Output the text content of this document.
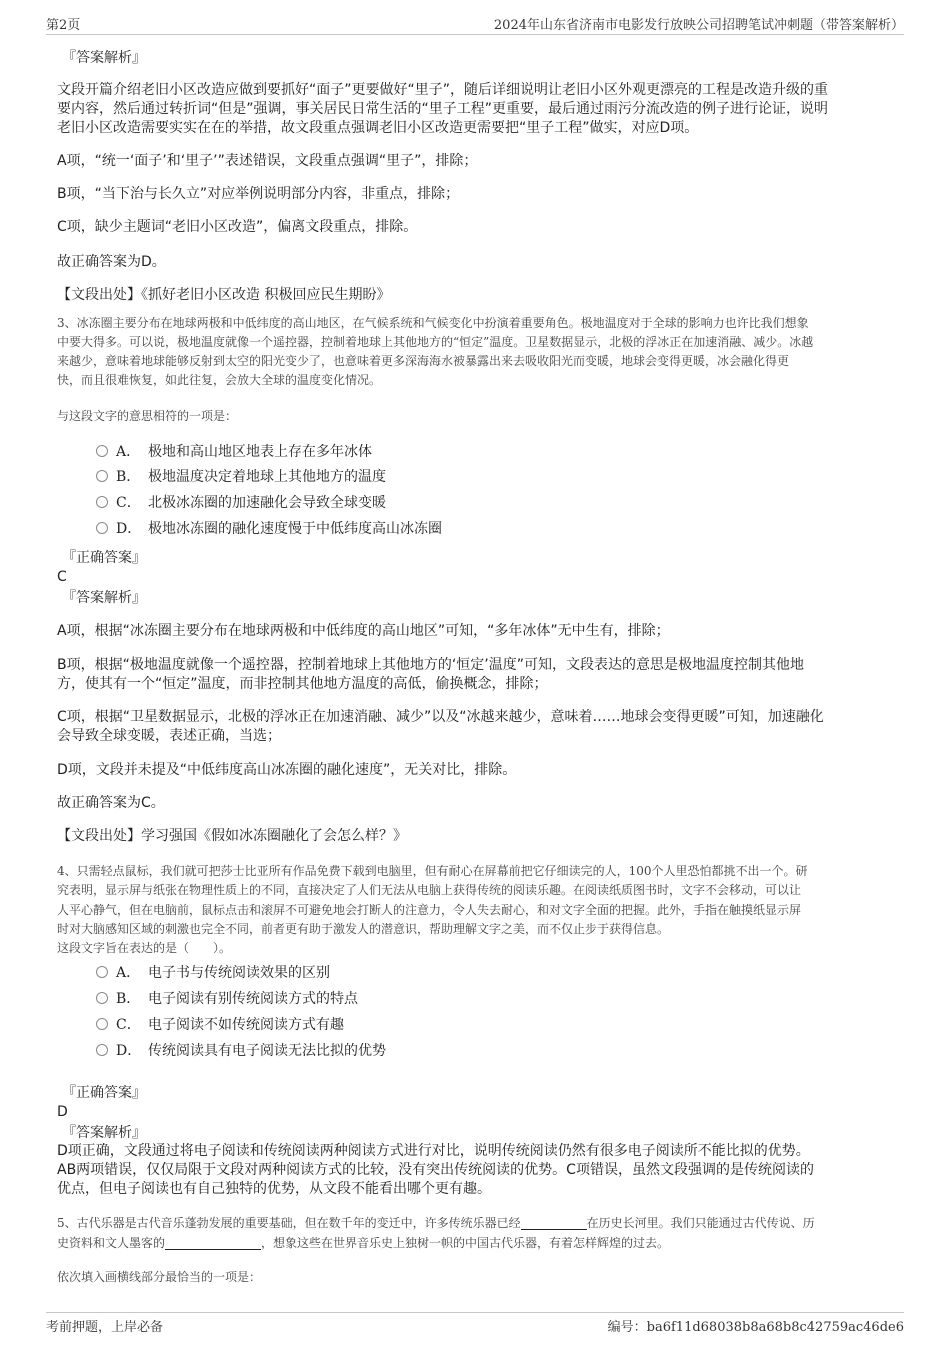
第2页	2024年山东省济南市电影发行放映公司招聘笔试冲刺题（带答案解析）
『答案解析』
文段开篇介绍老旧小区改造应做到要抓好“面子”更要做好“里子”，随后详细说明让老旧小区外观更漂亮的工程是改造升级的重
要内容，然后通过转折词“但是”强调，事关居民日常生活的“里子工程”更重要，最后通过雨污分流改造的例子进行论证，说明
老旧小区改造需要实实在在的举措，故文段重点强调老旧小区改造更需要把“里子工程”做实，对应D项。
A项，“统一‘面子’和‘里子’”表述错误，文段重点强调“里子”，排除；
B项，“当下治与长久立”对应举例说明部分内容，非重点，排除；
C项，缺少主题词“老旧小区改造”，偏离文段重点，排除。
故正确答案为D。
【文段出处】《抓好老旧小区改造 积极回应民生期盼》
3、冰冻圈主要分布在地球两极和中低纬度的高山地区，在气候系统和气候变化中扮演着重要角色。极地温度对于全球的影响力也许比我们想象
中要大得多。可以说，极地温度就像一个遥控器，控制着地球上其他地方的“恒定”温度。卫星数据显示，北极的浮冰正在加速消融、减少。冰越
来越少，意味着地球能够反射到太空的阳光变少了，也意味着更多深海海水被暴露出来去吸收阳光而变暖，地球会变得更暖，冰会融化得更
快，而且很难恢复，如此往复，会放大全球的温度变化情况。
与这段文字的意思相符的一项是：
A． 极地和高山地区地表上存在多年冰体
B． 极地温度决定着地球上其他地方的温度
C． 北极冰冻圈的加速融化会导致全球变暖
D． 极地冰冻圈的融化速度慢于中低纬度高山冰冻圈
『正确答案』
C
『答案解析』
A项，根据“冰冻圈主要分布在地球两极和中低纬度的高山地区”可知，“多年冰体”无中生有，排除；
B项，根据“极地温度就像一个遥控器，控制着地球上其他地方的‘恒定’温度”可知，文段表达的意思是极地温度控制其他地
方，使其有一个“恒定”温度，而非控制其他地方温度的高低，偷换概念，排除；
C项，根据“卫星数据显示，北极的浮冰正在加速消融、减少”以及“冰越来越少，意味着……地球会变得更暖”可知，加速融化
会导致全球变暖，表述正确，当选；
D项，文段并未提及“中低纬度高山冰冻圈的融化速度”，无关对比，排除。
故正确答案为C。
【文段出处】学习强国《假如冰冻圈融化了会怎么样？》
4、只需轻点鼠标，我们就可把莎士比亚所有作品免费下载到电脑里，但有耐心在屏幕前把它仔细读完的人，100个人里恐怕都挑不出一个。研
究表明，显示屏与纸张在物理性质上的不同，直接决定了人们无法从电脑上获得传统的阅读乐趣。在阅读纸质图书时，文字不会移动，可以让
人平心静气，但在电脑前，鼠标点击和滚屏不可避免地会打断人的注意力，令人失去耐心，和对文字全面的把握。此外，手指在触摸纸显示屏
时对大脑感知区域的刺激也完全不同，前者更有助于激发人的潜意识，帮助理解文字之美，而不仅止步于获得信息。
这段文字旨在表达的是（　　）。
A． 电子书与传统阅读效果的区别
B． 电子阅读有别传统阅读方式的特点
C． 电子阅读不如传统阅读方式有趣
D． 传统阅读具有电子阅读无法比拟的优势
『正确答案』
D
『答案解析』
D项正确，文段通过将电子阅读和传统阅读两种阅读方式进行对比，说明传统阅读仍然有很多电子阅读所不能比拟的优势。
AB两项错误，仅仅局限于文段对两种阅读方式的比较，没有突出传统阅读的优势。C项错误，虽然文段强调的是传统阅读的
优点，但电子阅读也有自己独特的优势，从文段不能看出哪个更有趣。
5、古代乐器是古代音乐蓬勃发展的重要基础，但在数千年的变迁中，许多传统乐器已经	在历史长河里。我们只能通过古代传说、历
史资料和文人墨客的	，想象这些在世界音乐史上独树一帜的中国古代乐器，有着怎样辉煌的过去。
依次填入画横线部分最恰当的一项是：
考前押题，上岸必备	编号：ba6f11d68038b8a68b8c42759ac46de6
